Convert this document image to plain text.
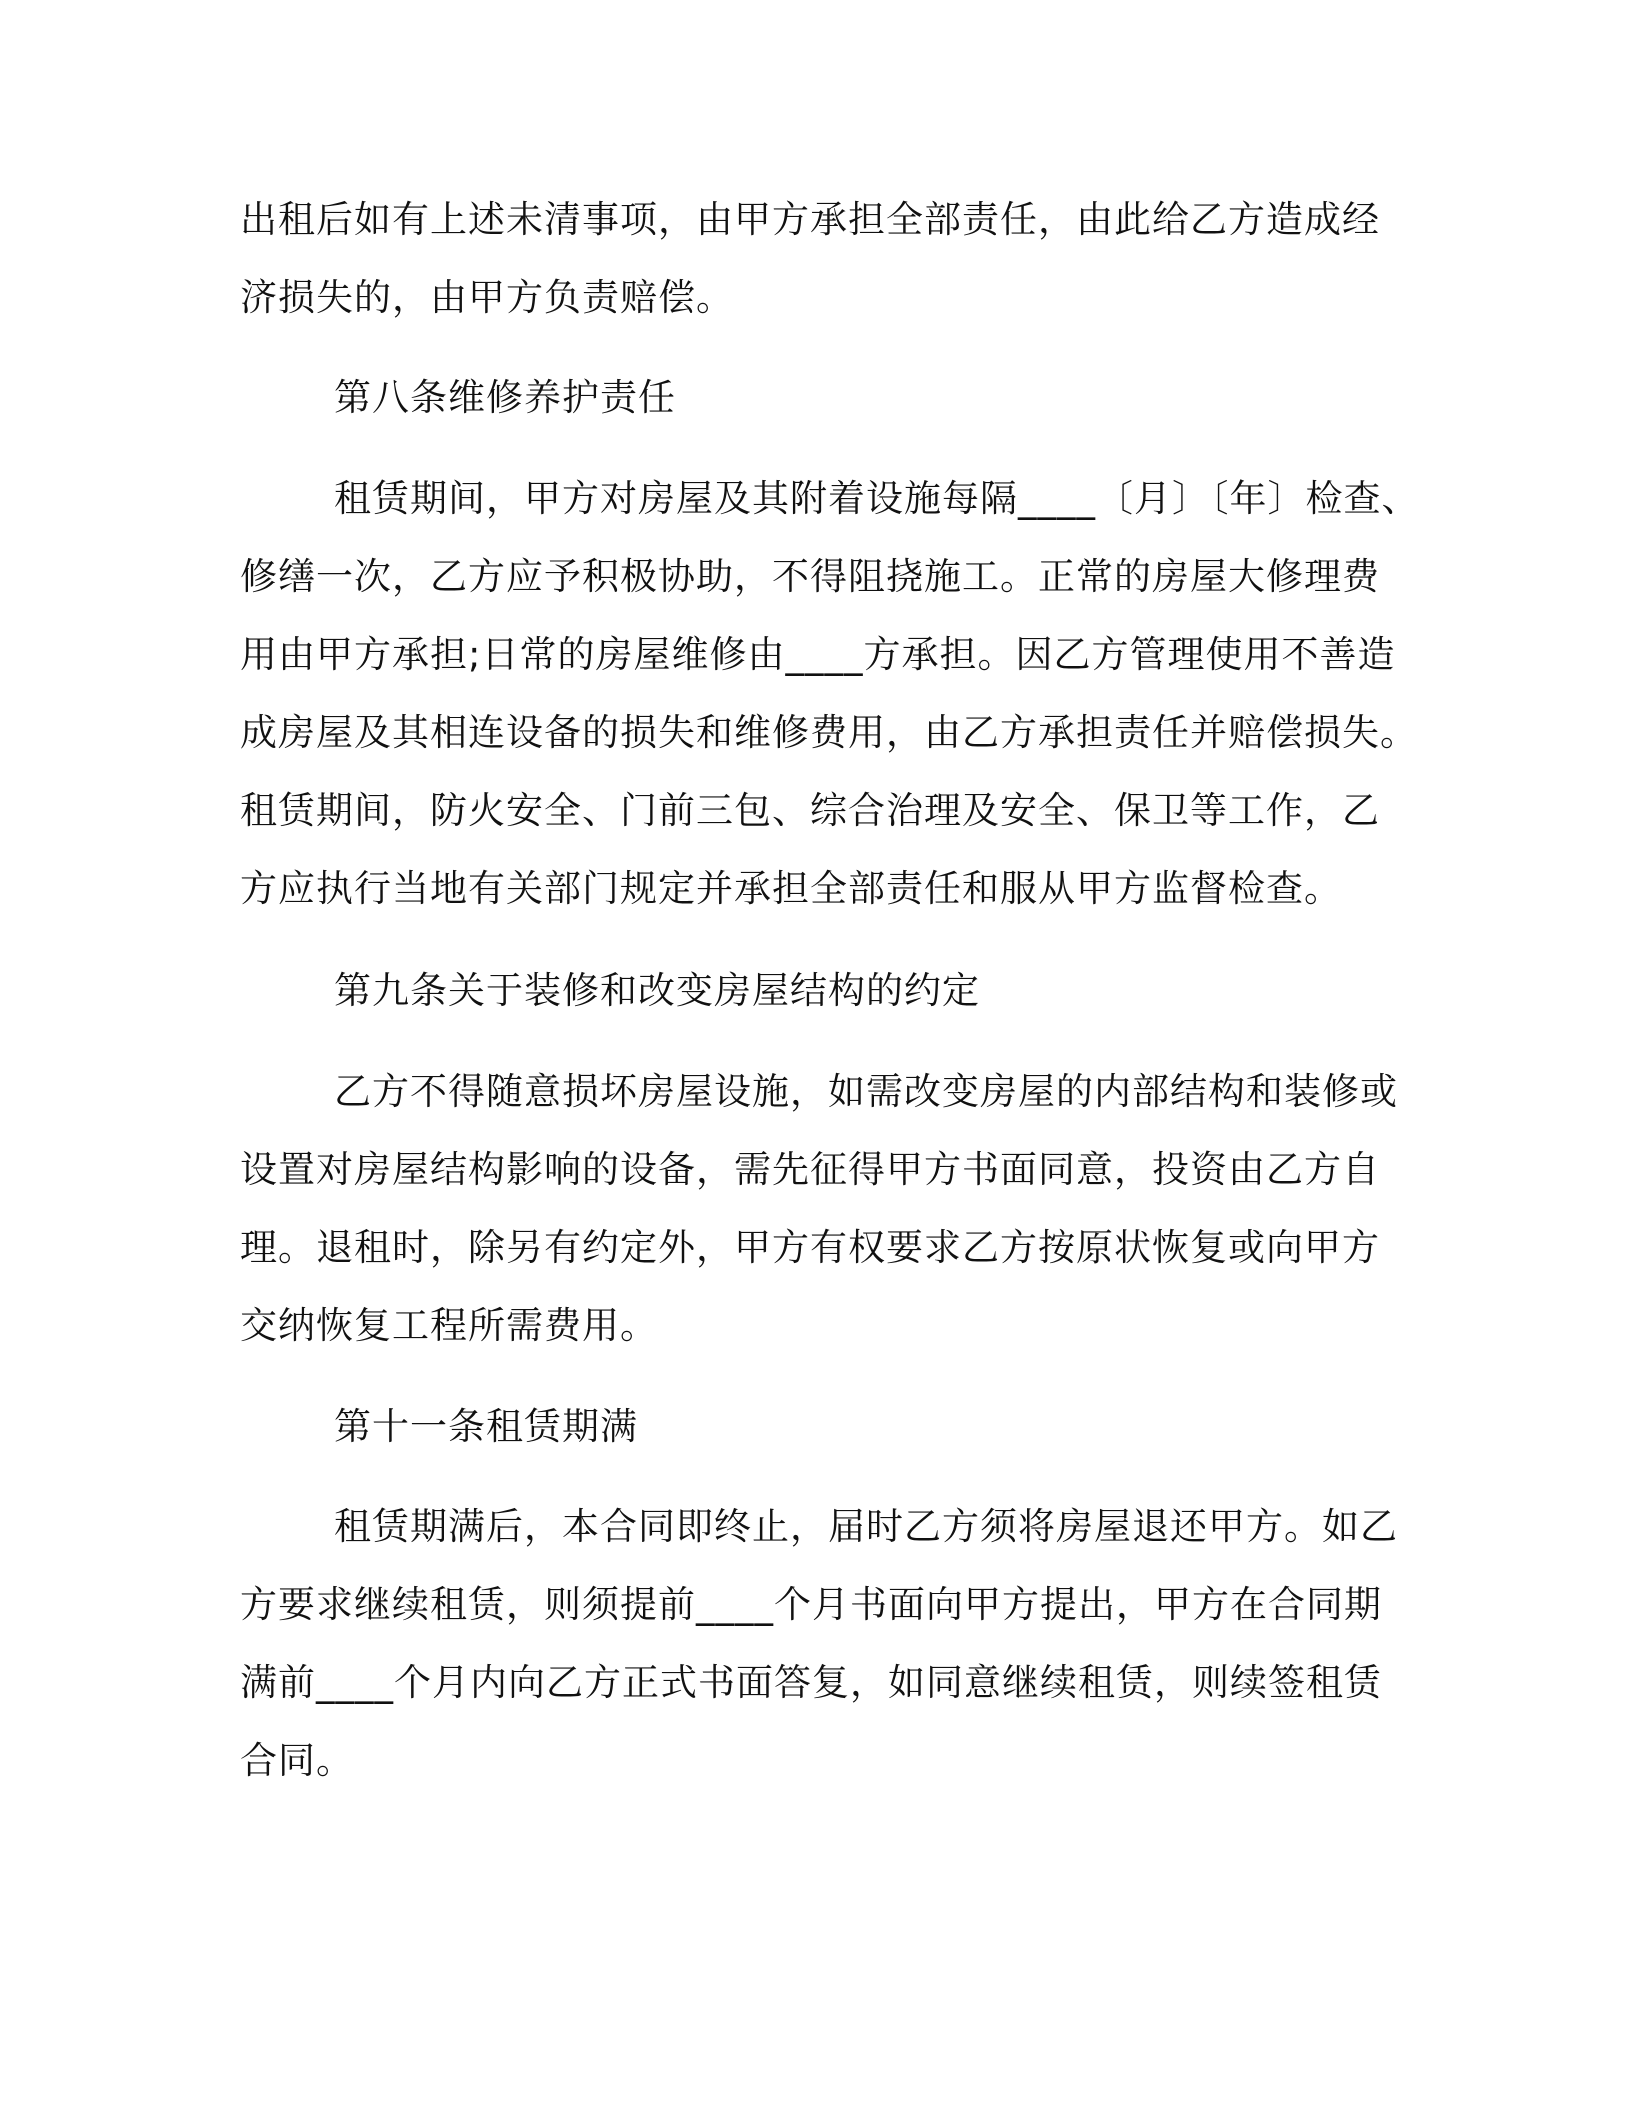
出租后如有上述未清事项，由甲方承担全部责任，由此给乙方造成经
济损失的，由甲方负责赔偿。
第八条维修养护责任
租赁期间，甲方对房屋及其附着设施每隔____〔月〕〔年〕检查、
修缮一次，乙方应予积极协助，不得阻挠施工。正常的房屋大修理费
用由甲方承担;日常的房屋维修由____方承担。因乙方管理使用不善造
成房屋及其相连设备的损失和维修费用，由乙方承担责任并赔偿损失。
租赁期间，防火安全、门前三包、综合治理及安全、保卫等工作，乙
方应执行当地有关部门规定并承担全部责任和服从甲方监督检查。
第九条关于装修和改变房屋结构的约定
乙方不得随意损坏房屋设施，如需改变房屋的内部结构和装修或
设置对房屋结构影响的设备，需先征得甲方书面同意，投资由乙方自
理。退租时，除另有约定外，甲方有权要求乙方按原状恢复或向甲方
交纳恢复工程所需费用。
第十一条租赁期满
租赁期满后，本合同即终止，届时乙方须将房屋退还甲方。如乙
方要求继续租赁，则须提前____个月书面向甲方提出，甲方在合同期
满前____个月内向乙方正式书面答复，如同意继续租赁，则续签租赁
合同。
